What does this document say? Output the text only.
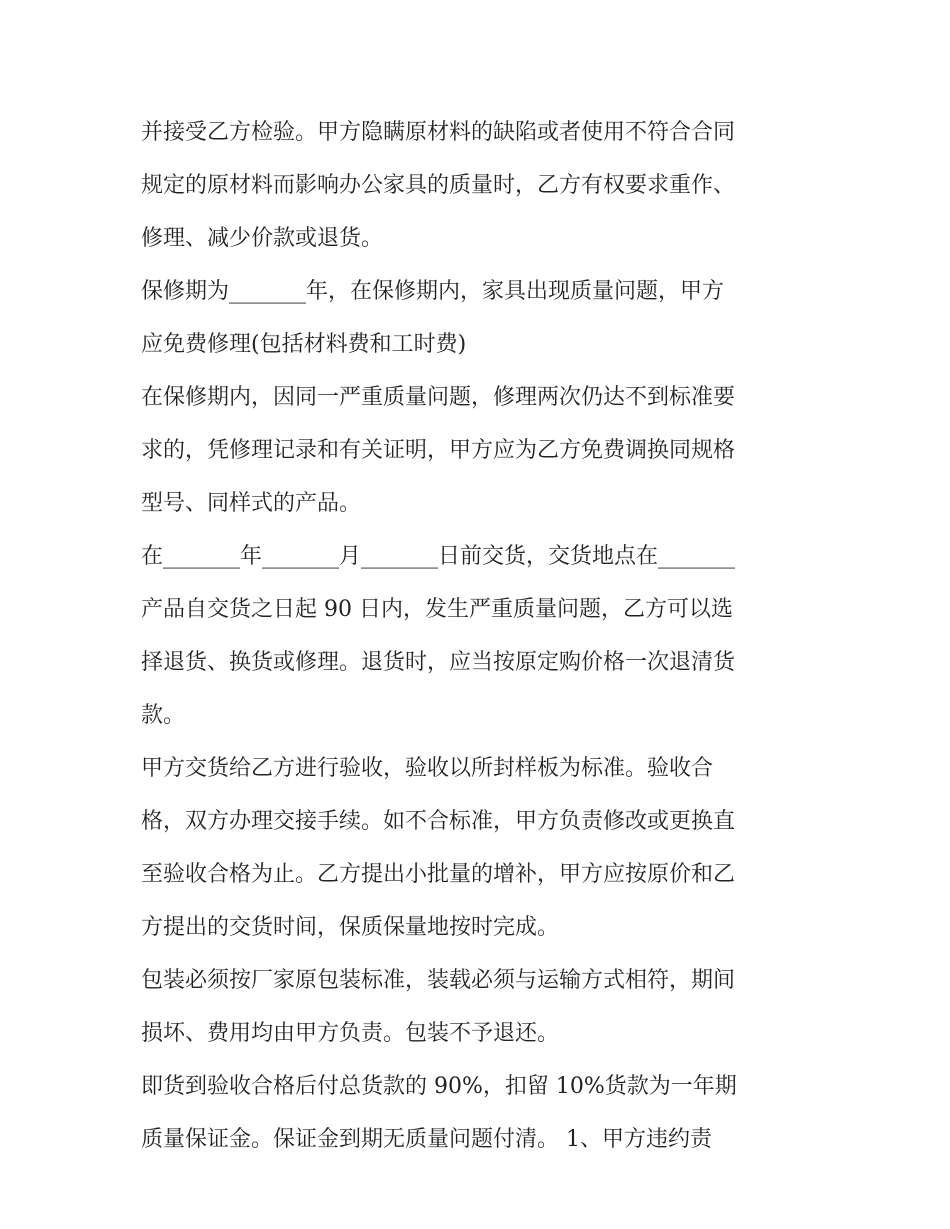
并接受乙方检验。甲方隐瞒原材料的缺陷或者使用不符合合同
规定的原材料而影响办公家具的质量时，乙方有权要求重作、
修理、减少价款或退货。
保修期为_______年，在保修期内，家具出现质量问题，甲方
应免费修理(包括材料费和工时费)
在保修期内，因同一严重质量问题，修理两次仍达不到标准要
求的，凭修理记录和有关证明，甲方应为乙方免费调换同规格
型号、同样式的产品。
在_______年_______月_______日前交货，交货地点在_______
产品自交货之日起 90 日内，发生严重质量问题，乙方可以选
择退货、换货或修理。退货时，应当按原定购价格一次退清货
款。
甲方交货给乙方进行验收，验收以所封样板为标准。验收合
格，双方办理交接手续。如不合标准，甲方负责修改或更换直
至验收合格为止。乙方提出小批量的增补，甲方应按原价和乙
方提出的交货时间，保质保量地按时完成。
包装必须按厂家原包装标准，装载必须与运输方式相符，期间
损坏、费用均由甲方负责。包装不予退还。
即货到验收合格后付总货款的 90%，扣留 10%货款为一年期
质量保证金。保证金到期无质量问题付清。 1、甲方违约责
